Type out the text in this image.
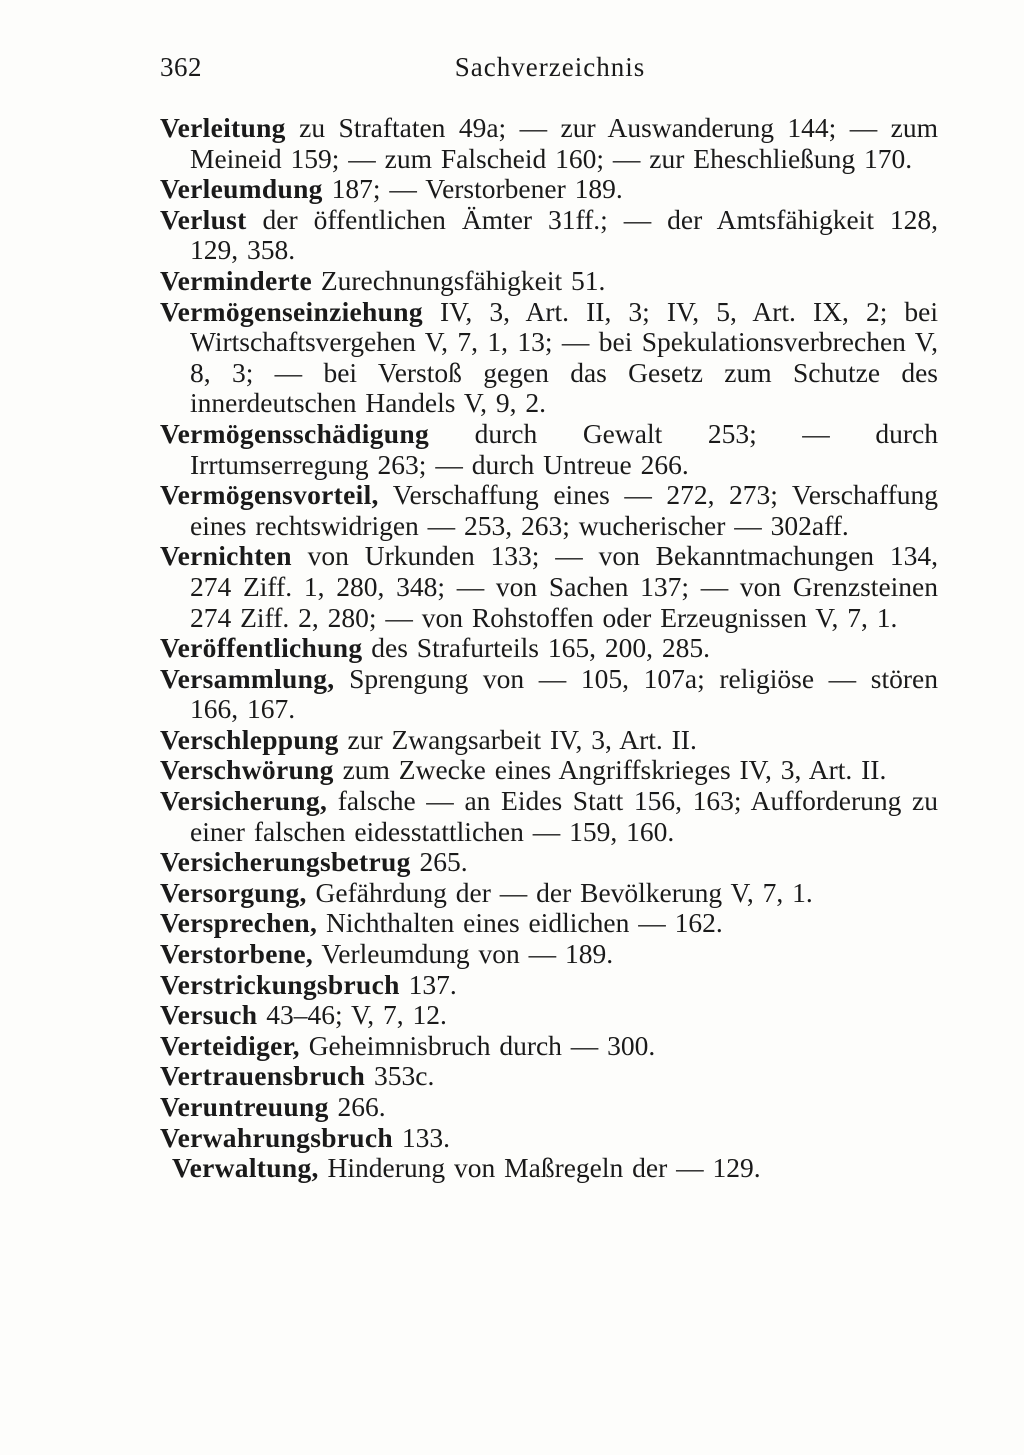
362	Sachverzeichnis

Verleitung zu Straftaten 49a; — zur Auswanderung 144; — zum Meineid 159; — zum Falscheid 160; — zur Eheschließung 170.

Verleumdung 187; — Verstorbener 189.

Verlust der öffentlichen Ämter 31ff.; — der Amtsfähigkeit 128, 129, 358.

Verminderte Zurechnungsfähigkeit 51.

Vermögenseinziehung IV, 3, Art. II, 3; IV, 5, Art. IX, 2; bei Wirtschaftsvergehen V, 7, 1, 13; — bei Spekulationsverbrechen V, 8, 3; — bei Verstoß gegen das Gesetz zum Schutze des innerdeutschen Handels V, 9, 2.

Vermögensschädigung durch Gewalt 253; — durch Irrtumserregung 263; — durch Untreue 266.

Vermögensvorteil, Verschaffung eines — 272, 273; Verschaffung eines rechtswidrigen — 253, 263; wucherischer — 302aff.

Vernichten von Urkunden 133; — von Bekanntmachungen 134, 274 Ziff. 1, 280, 348; — von Sachen 137; — von Grenzsteinen 274 Ziff. 2, 280; — von Rohstoffen oder Erzeugnissen V, 7, 1.

Veröffentlichung des Strafurteils 165, 200, 285.

Versammlung, Sprengung von — 105, 107a; religiöse — stören 166, 167.

Verschleppung zur Zwangsarbeit IV, 3, Art. II.

Verschwörung zum Zwecke eines Angriffskrieges IV, 3, Art. II.

Versicherung, falsche — an Eides Statt 156, 163; Aufforderung zu einer falschen eidesstattlichen — 159, 160.

Versicherungsbetrug 265.

Versorgung, Gefährdung der — der Bevölkerung V, 7, 1.

Versprechen, Nichthalten eines eidlichen — 162.

Verstorbene, Verleumdung von — 189.

Verstrickungsbruch 137.

Versuch 43–46; V, 7, 12.

Verteidiger, Geheimnisbruch durch — 300.

Vertrauensbruch 353c.

Veruntreuung 266.

Verwahrungsbruch 133.

Verwaltung, Hinderung von Maßregeln der — 129.
